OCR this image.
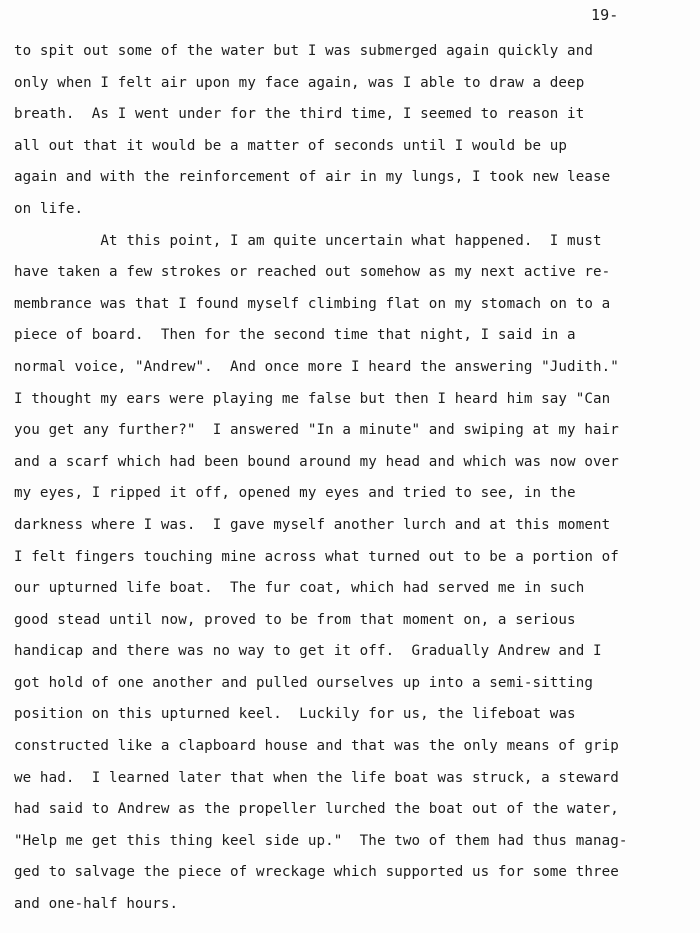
19-
to spit out some of the water but I was submerged again quickly and
only when I felt air upon my face again, was I able to draw a deep
breath.  As I went under for the third time, I seemed to reason it
all out that it would be a matter of seconds until I would be up
again and with the reinforcement of air in my lungs, I took new lease
on life.
At this point, I am quite uncertain what happened.  I must
have taken a few strokes or reached out somehow as my next active re-
membrance was that I found myself climbing flat on my stomach on to a
piece of board.  Then for the second time that night, I said in a
normal voice, "Andrew".  And once more I heard the answering "Judith."
I thought my ears were playing me false but then I heard him say "Can
you get any further?"  I answered "In a minute" and swiping at my hair
and a scarf which had been bound around my head and which was now over
my eyes, I ripped it off, opened my eyes and tried to see, in the
darkness where I was.  I gave myself another lurch and at this moment
I felt fingers touching mine across what turned out to be a portion of
our upturned life boat.  The fur coat, which had served me in such
good stead until now, proved to be from that moment on, a serious
handicap and there was no way to get it off.  Gradually Andrew and I
got hold of one another and pulled ourselves up into a semi-sitting
position on this upturned keel.  Luckily for us, the lifeboat was
constructed like a clapboard house and that was the only means of grip
we had.  I learned later that when the life boat was struck, a steward
had said to Andrew as the propeller lurched the boat out of the water,
"Help me get this thing keel side up."  The two of them had thus manag-
ged to salvage the piece of wreckage which supported us for some three
and one-half hours.
